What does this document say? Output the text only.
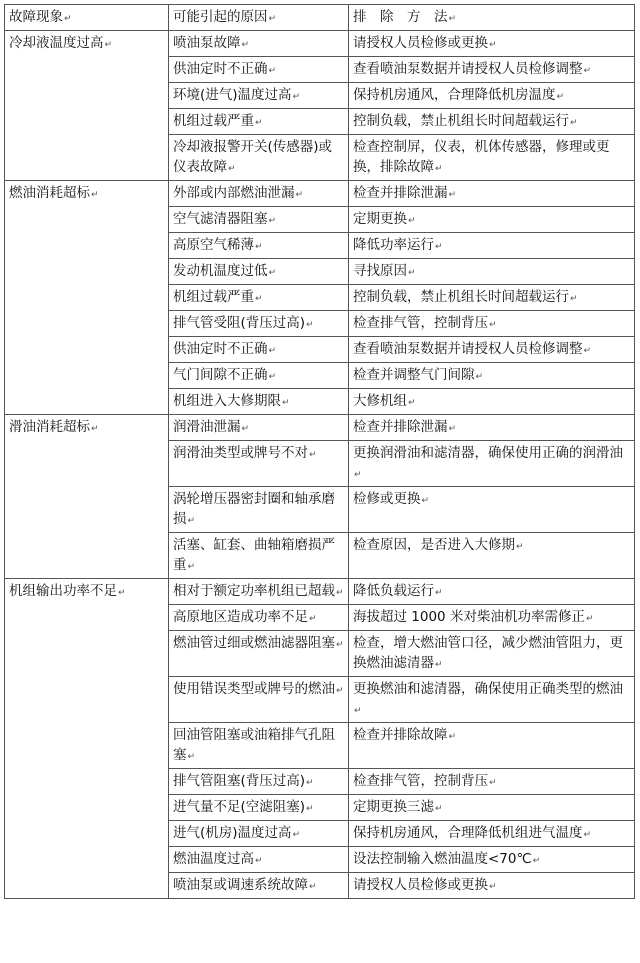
故障现象↵	可能引起的原因↵	排　除　方　法↵
冷却液温度过高↵	喷油泵故障↵	请授权人员检修或更换↵
	供油定时不正确↵	查看喷油泵数据并请授权人员检修调整↵
	环境(进气)温度过高↵	保持机房通风，合理降低机房温度↵
	机组过载严重↵	控制负载，禁止机组长时间超载运行↵
	冷却液报警开关(传感器)或仪表故障↵	检查控制屏，仪表，机体传感器，修理或更换，排除故障↵
燃油消耗超标↵	外部或内部燃油泄漏↵	检查并排除泄漏↵
	空气滤清器阻塞↵	定期更换↵
	高原空气稀薄↵	降低功率运行↵
	发动机温度过低↵	寻找原因↵
	机组过载严重↵	控制负载，禁止机组长时间超载运行↵
	排气管受阻(背压过高)↵	检查排气管，控制背压↵
	供油定时不正确↵	查看喷油泵数据并请授权人员检修调整↵
	气门间隙不正确↵	检查并调整气门间隙↵
	机组进入大修期限↵	大修机组↵
滑油消耗超标↵	润滑油泄漏↵	检查并排除泄漏↵
	润滑油类型或牌号不对↵	更换润滑油和滤清器，确保使用正确的润滑油↵
	涡轮增压器密封圈和轴承磨损↵	检修或更换↵
	活塞、缸套、曲轴箱磨损严重↵	检查原因，是否进入大修期↵
机组输出功率不足↵	相对于额定功率机组已超载↵	降低负载运行↵
	高原地区造成功率不足↵	海拔超过 1000 米对柴油机功率需修正↵
	燃油管过细或燃油滤器阻塞↵	检查，增大燃油管口径，减少燃油管阻力，更换燃油滤清器↵
	使用错误类型或牌号的燃油↵	更换燃油和滤清器，确保使用正确类型的燃油↵
	回油管阻塞或油箱排气孔阻塞↵	检查并排除故障↵
	排气管阻塞(背压过高)↵	检查排气管，控制背压↵
	进气量不足(空滤阻塞)↵	定期更换三滤↵
	进气(机房)温度过高↵	保持机房通风，合理降低机组进气温度↵
	燃油温度过高↵	设法控制输入燃油温度<70℃↵
	喷油泵或调速系统故障↵	请授权人员检修或更换↵
